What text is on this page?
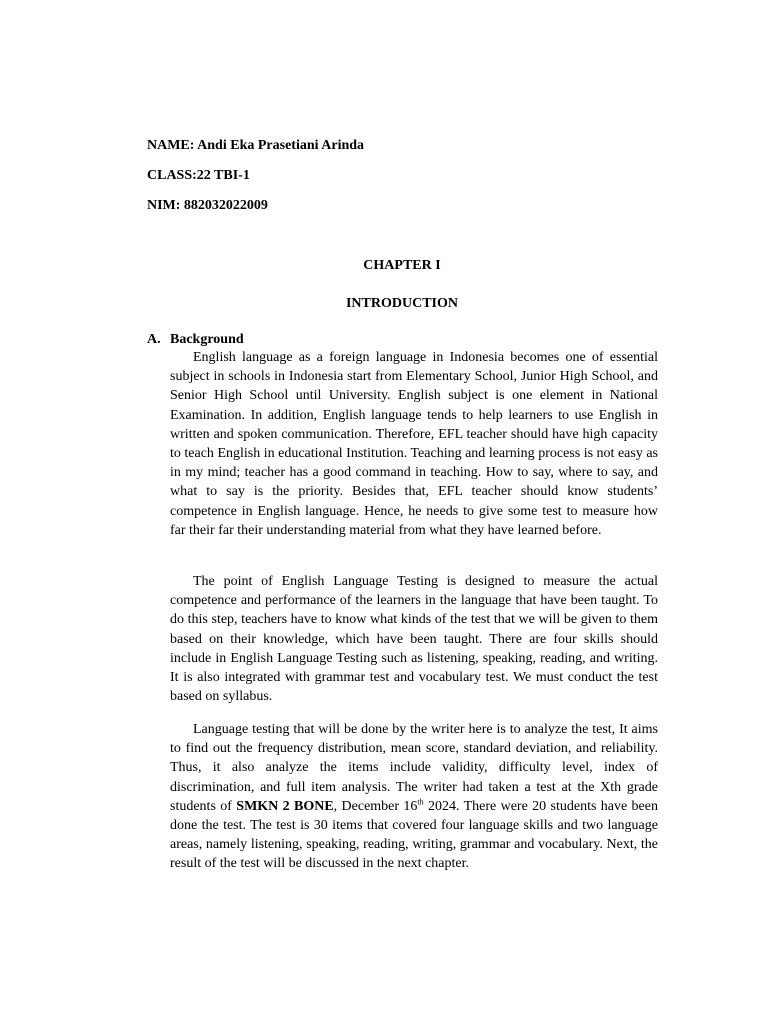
NAME: Andi Eka Prasetiani Arinda
CLASS:22 TBI-1
NIM: 882032022009
CHAPTER I
INTRODUCTION
A. Background

English language as a foreign language in Indonesia becomes one of essential subject in schools in Indonesia start from Elementary School, Junior High School, and Senior High School until University. English subject is one element in National Examination. In addition, English language tends to help learners to use English in written and spoken communication. Therefore, EFL teacher should have high capacity to teach English in educational Institution. Teaching and learning process is not easy as in my mind; teacher has a good command in teaching. How to say, where to say, and what to say is the priority. Besides that, EFL teacher should know students’ competence in English language. Hence, he needs to give some test to measure how far their far their understanding material from what they have learned before.

The point of English Language Testing is designed to measure the actual competence and performance of the learners in the language that have been taught. To do this step, teachers have to know what kinds of the test that we will be given to them based on their knowledge, which have been taught. There are four skills should include in English Language Testing such as listening, speaking, reading, and writing. It is also integrated with grammar test and vocabulary test. We must conduct the test based on syllabus.

Language testing that will be done by the writer here is to analyze the test, It aims to find out the frequency distribution, mean score, standard deviation, and reliability. Thus, it also analyze the items include validity, difficulty level, index of discrimination, and full item analysis. The writer had taken a test at the Xth grade students of SMKN 2 BONE, December 16th 2024. There were 20 students have been done the test. The test is 30 items that covered four language skills and two language areas, namely listening, speaking, reading, writing, grammar and vocabulary. Next, the result of the test will be discussed in the next chapter.
